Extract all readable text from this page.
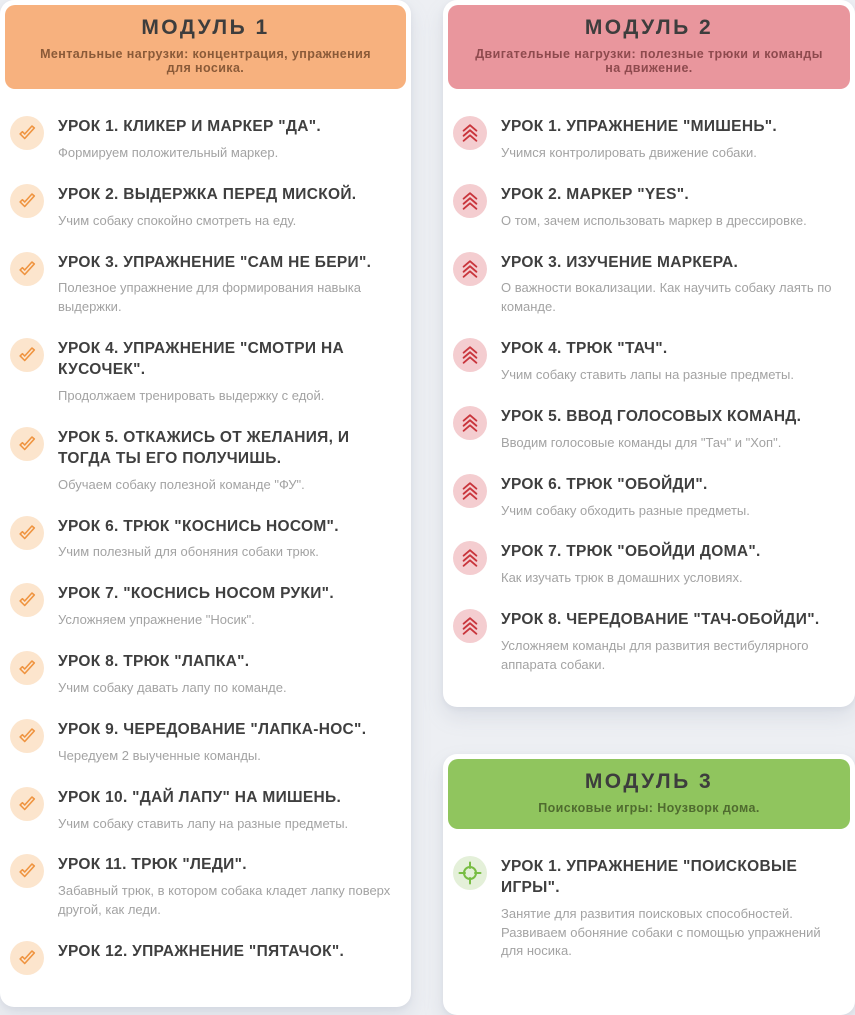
МОДУЛЬ 1

Ментальные нагрузки: концентрация, упражнения для носика.

УРОК 1. КЛИКЕР И МАРКЕР "ДА".

Формируем положительный маркер.

УРОК 2. ВЫДЕРЖКА ПЕРЕД МИСКОЙ.

Учим собаку спокойно смотреть на еду.

УРОК 3. УПРАЖНЕНИЕ "САМ НЕ БЕРИ".

Полезное упражнение для формирования навыка выдержки.

УРОК 4. УПРАЖНЕНИЕ "СМОТРИ НА КУСОЧЕК".

Продолжаем тренировать выдержку с едой.

УРОК 5. ОТКАЖИСЬ ОТ ЖЕЛАНИЯ, И ТОГДА ТЫ ЕГО ПОЛУЧИШЬ.

Обучаем собаку полезной команде "ФУ".

УРОК 6. ТРЮК "КОСНИСЬ НОСОМ".

Учим полезный для обоняния собаки трюк.

УРОК 7. "КОСНИСЬ НОСОМ РУКИ".

Усложняем упражнение "Носик".

УРОК 8. ТРЮК "ЛАПКА".

Учим собаку давать лапу по команде.

УРОК 9. ЧЕРЕДОВАНИЕ "ЛАПКА-НОС".

Чередуем 2 выученные команды.

УРОК 10. "ДАЙ ЛАПУ" НА МИШЕНЬ.

Учим собаку ставить лапу на разные предметы.

УРОК 11. ТРЮК "ЛЕДИ".

Забавный трюк, в котором собака кладет лапку поверх другой, как леди.

УРОК 12. УПРАЖНЕНИЕ "ПЯТАЧОК".
МОДУЛЬ 2

Двигательные нагрузки: полезные трюки и команды на движение.

УРОК 1. УПРАЖНЕНИЕ "МИШЕНЬ".

Учимся контролировать движение собаки.

УРОК 2. МАРКЕР "YES".

О том, зачем использовать маркер в дрессировке.

УРОК 3. ИЗУЧЕНИЕ МАРКЕРА.

О важности вокализации. Как научить собаку лаять по команде.

УРОК 4. ТРЮК "ТАЧ".

Учим собаку ставить лапы на разные предметы.

УРОК 5. ВВОД ГОЛОСОВЫХ КОМАНД.

Вводим голосовые команды для "Тач" и "Хоп".

УРОК 6. ТРЮК "ОБОЙДИ".

Учим собаку обходить разные предметы.

УРОК 7. ТРЮК "ОБОЙДИ ДОМА".

Как изучать трюк в домашних условиях.

УРОК 8. ЧЕРЕДОВАНИЕ "ТАЧ-ОБОЙДИ".

Усложняем команды для развития вестибулярного аппарата собаки.

МОДУЛЬ 3

Поисковые игры: Ноузворк дома.

УРОК 1. УПРАЖНЕНИЕ "ПОИСКОВЫЕ ИГРЫ".

Занятие для развития поисковых способностей. Развиваем обоняние собаки с помощью упражнений для носика.
